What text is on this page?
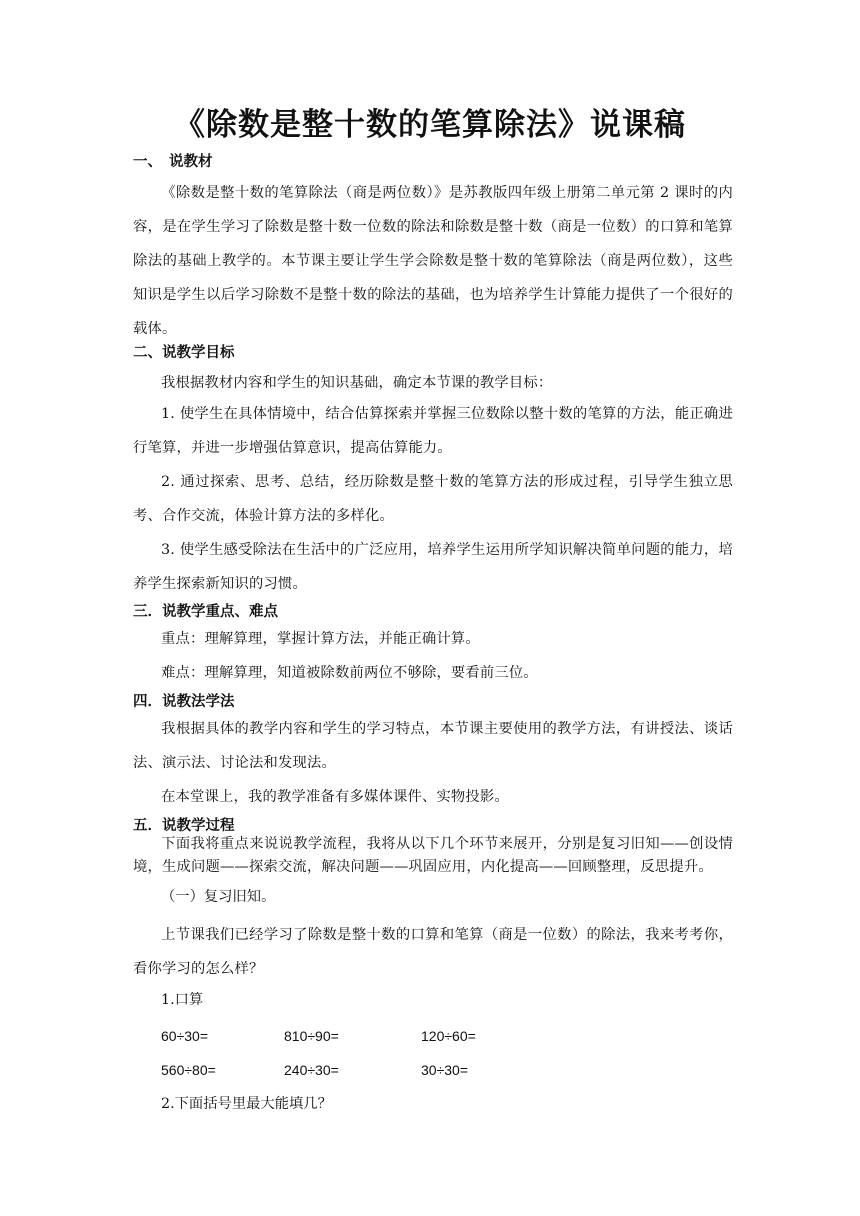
《除数是整十数的笔算除法》说课稿
一、 说教材
《除数是整十数的笔算除法（商是两位数）》是苏教版四年级上册第二单元第 2 课时的内容，是在学生学习了除数是整十数一位数的除法和除数是整十数（商是一位数）的口算和笔算除法的基础上教学的。本节课主要让学生学会除数是整十数的笔算除法（商是两位数），这些知识是学生以后学习除数不是整十数的除法的基础，也为培养学生计算能力提供了一个很好的载体。
二、说教学目标
我根据教材内容和学生的知识基础，确定本节课的教学目标：
1. 使学生在具体情境中，结合估算探索并掌握三位数除以整十数的笔算的方法，能正确进行笔算，并进一步增强估算意识，提高估算能力。
2. 通过探索、思考、总结，经历除数是整十数的笔算方法的形成过程，引导学生独立思考、合作交流，体验计算方法的多样化。
3. 使学生感受除法在生活中的广泛应用，培养学生运用所学知识解决简单问题的能力，培养学生探索新知识的习惯。
三．说教学重点、难点
重点：理解算理，掌握计算方法，并能正确计算。
难点：理解算理，知道被除数前两位不够除，要看前三位。
四．说教法学法
我根据具体的教学内容和学生的学习特点，本节课主要使用的教学方法，有讲授法、谈话法、演示法、讨论法和发现法。
在本堂课上，我的教学准备有多媒体课件、实物投影。
五．说教学过程
下面我将重点来说说教学流程，我将从以下几个环节来展开，分别是复习旧知——创设情境，生成问题——探索交流，解决问题——巩固应用，内化提高——回顾整理，反思提升。
（一）复习旧知。
上节课我们已经学习了除数是整十数的口算和笔算（商是一位数）的除法，我来考考你，看你学习的怎么样？
1.口算
60÷30=	810÷90=	120÷60=
560÷80=	240÷30=	30÷30=
2.下面括号里最大能填几？
